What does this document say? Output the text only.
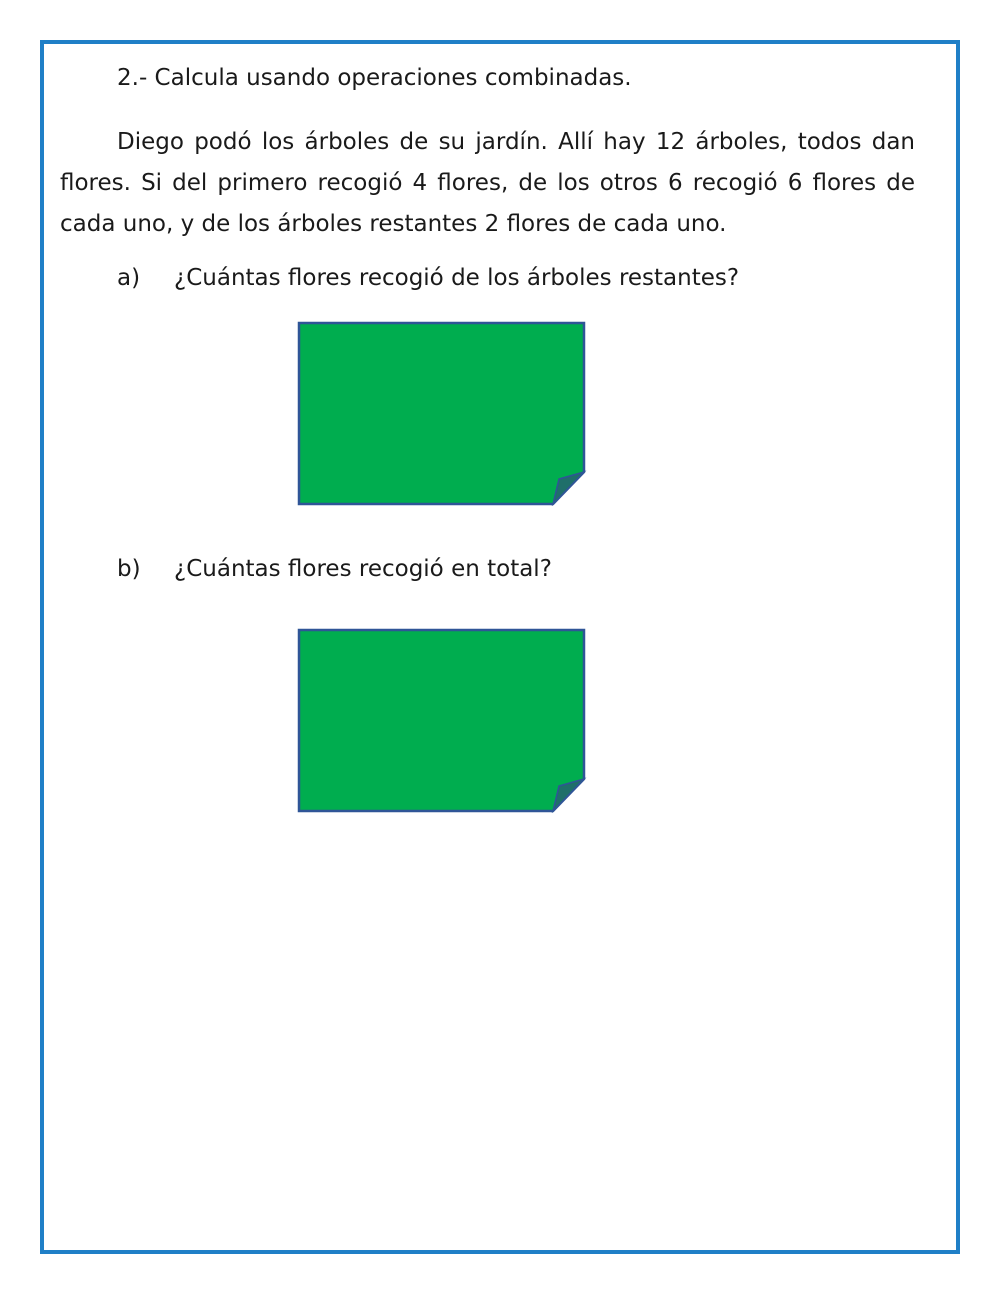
2.- Calcula usando operaciones combinadas.
Diego podó los árboles de su jardín. Allí hay 12 árboles, todos dan flores. Si del primero recogió 4 flores, de los otros 6 recogió 6 flores de cada uno, y de los árboles restantes 2 flores de cada uno.
a) ¿Cuántas flores recogió de los árboles restantes?
b) ¿Cuántas flores recogió en total?
